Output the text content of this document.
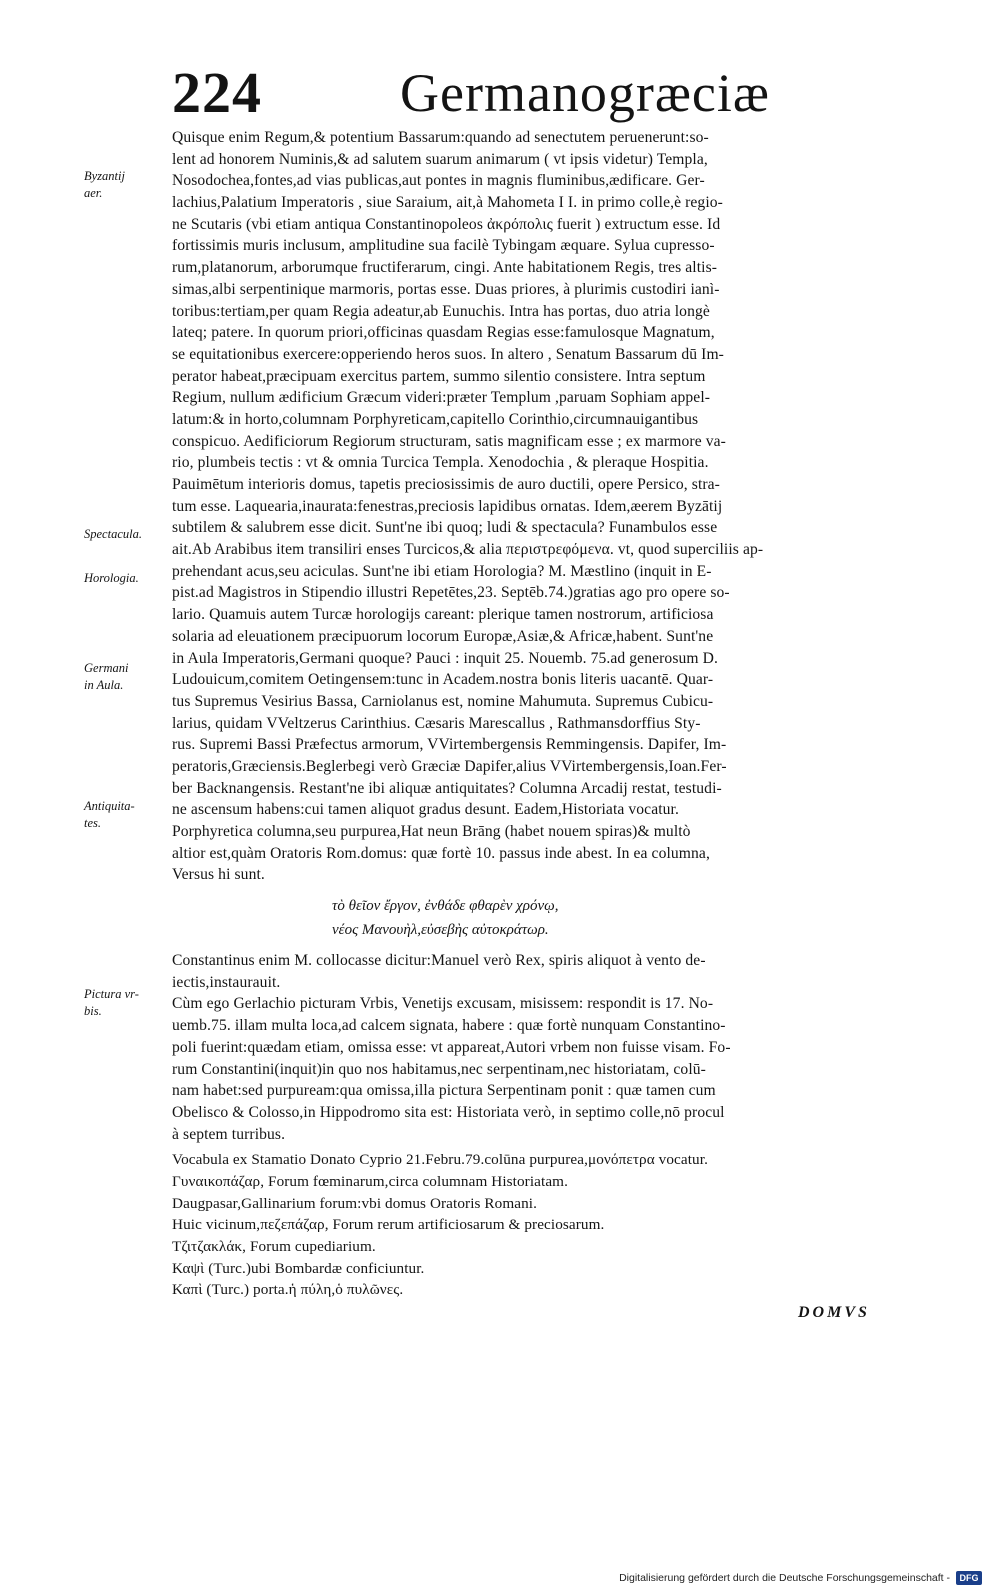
224	Germanogræciæ
Byzantij
aer.
Spectacula.
Horologia.
Germani
in Aula.
Antiquita-
tes.
Pictura vr-
bis.
Quisque enim Regum,& potentium Bassarum:quando ad senectutem peruenerunt:so-
lent ad honorem Numinis,& ad salutem suarum animarum ( vt ipsis videtur) Templa,
Nosodochea,fontes,ad vias publicas,aut pontes in magnis fluminibus,ædificare. Ger-
lachius,Palatium Imperatoris , siue Saraium, ait,à Mahometa I I. in primo colle,è regio-
ne Scutaris (vbi etiam antiqua Constantinopoleos ἀκρόπολις fuerit ) extructum esse. Id
fortissimis muris inclusum, amplitudine sua facilè Tybingam æquare. Sylua cupresso-
rum,platanorum, arborumque fructiferarum, cingi. Ante habitationem Regis, tres altis-
simas,albi serpentinique marmoris, portas esse. Duas priores, à plurimis custodiri ianì-
toribus:tertiam,per quam Regia adeatur,ab Eunuchis. Intra has portas, duo atria longè
lateq; patere. In quorum priori,officinas quasdam Regias esse:famulosque Magnatum,
se equitationibus exercere:opperiendo heros suos. In altero , Senatum Bassarum dū Im-
perator habeat,præcipuam exercitus partem, summo silentio consistere. Intra septum
Regium, nullum ædificium Græcum videri:præter Templum ,paruam Sophiam appel-
latum:& in horto,columnam Porphyreticam,capitello Corinthio,circumnauigantibus
conspicuo. Aedificiorum Regiorum structuram, satis magnificam esse ; ex marmore va-
rio, plumbeis tectis : vt & omnia Turcica Templa. Xenodochia , & pleraque Hospitia.
Pauimētum interioris domus, tapetis preciosissimis de auro ductili, opere Persico, stra-
tum esse. Laquearia,inaurata:fenestras,preciosis lapidibus ornatas. Idem,æerem Byzātij
subtilem & salubrem esse dicit. Sunt'ne ibi quoq; ludi & spectacula? Funambulos esse
ait.Ab Arabibus item transiliri enses Turcicos,& alia περιστρεφόμενα. vt, quod superciliis ap-
prehendant acus,seu aciculas. Sunt'ne ibi etiam Horologia? M. Mæstlino (inquit in E-
pist.ad Magistros in Stipendio illustri Repetētes,23. Septēb.74.)gratias ago pro opere so-
lario. Quamuis autem Turcæ horologijs careant: plerique tamen nostrorum, artificiosa
solaria ad eleuationem præcipuorum locorum Europæ,Asiæ,& Africæ,habent. Sunt'ne
in Aula Imperatoris,Germani quoque? Pauci : inquit 25. Nouemb. 75.ad generosum D.
Ludouicum,comitem Oetingensem:tunc in Academ.nostra bonis literis uacantē. Quar-
tus Supremus Vesirius Bassa, Carniolanus est, nomine Mahumuta. Supremus Cubicu-
larius, quidam VVeltzerus Carinthius. Cæsaris Marescallus , Rathmansdorffius Sty-
rus. Supremi Bassi Præfectus armorum, VVirtembergensis Remmingensis. Dapifer, Im-
peratoris,Græciensis.Beglerbegi verò Græciæ Dapifer,alius VVirtembergensis,Ioan.Fer-
ber Backnangensis. Restant'ne ibi aliquæ antiquitates? Columna Arcadij restat, testudi-
ne ascensum habens:cui tamen aliquot gradus desunt. Eadem,Historiata vocatur.
Porphyretica columna,seu purpurea,Hat neun Brāng (habet nouem spiras)& multò
altior est,quàm Oratoris Rom.domus: quæ fortè 10. passus inde abest. In ea columna,
Versus hi sunt.
τὸ θεῖον ἔργον, ἐνθάδε φθαρὲν χρόνῳ,
νέος Μανουὴλ,εὐσεβὴς αὐτοκράτωρ.
Constantinus enim M. collocasse dicitur:Manuel verò Rex, spiris aliquot à vento de-
iectis,instaurauit.
Cùm ego Gerlachio picturam Vrbis, Venetijs excusam, misissem: respondit is 17. No-
uemb.75. illam multa loca,ad calcem signata, habere : quæ fortè nunquam Constantino-
poli fuerint:quædam etiam, omissa esse: vt appareat,Autori vrbem non fuisse visam. Fo-
rum Constantini(inquit)in quo nos habitamus,nec serpentinam,nec historiatam, colū-
nam habet:sed purpuream:qua omissa,illa pictura Serpentinam ponit : quæ tamen cum
Obelisco & Colosso,in Hippodromo sita est: Historiata verò, in septimo colle,nō procul
à septem turribus.
Vocabula ex Stamatio Donato Cyprio 21.Febru.79.colūna purpurea,μονόπετρα vocatur.
Γυναικοπάζαρ, Forum fœminarum,circa columnam Historiatam.
Daugpasar,Gallinarium forum:vbi domus Oratoris Romani.
Huic vicinum,πεζεπάζαρ, Forum rerum artificiosarum & preciosarum.
Τζιτζακλάκ, Forum cupediarium.
Καψὶ (Turc.)ubi Bombardæ conficiuntur.
Καπὶ (Turc.) porta.ἡ πύλη,ὁ πυλῶνες.
DOMVS
Digitalisierung gefördert durch die Deutsche Forschungsgemeinschaft -	DFG
